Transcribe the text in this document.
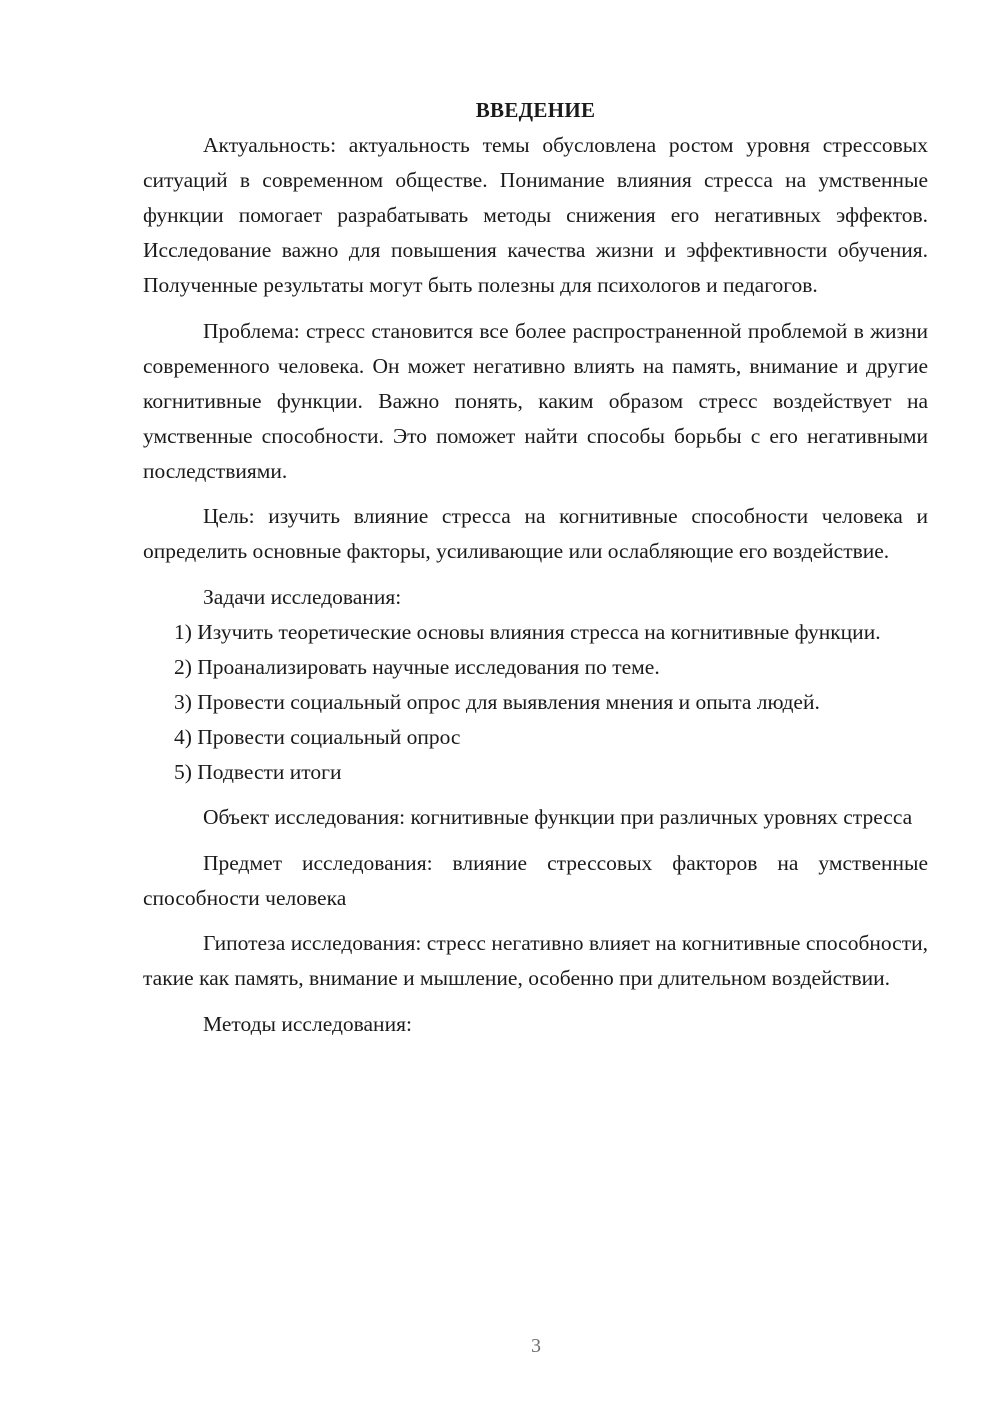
ВВЕДЕНИЕ

Актуальность: актуальность темы обусловлена ростом уровня стрессовых ситуаций в современном обществе. Понимание влияния стресса на умственные функции помогает разрабатывать методы снижения его негативных эффектов. Исследование важно для повышения качества жизни и эффективности обучения. Полученные результаты могут быть полезны для психологов и педагогов.

Проблема: стресс становится все более распространенной проблемой в жизни современного человека. Он может негативно влиять на память, внимание и другие когнитивные функции. Важно понять, каким образом стресс воздействует на умственные способности. Это поможет найти способы борьбы с его негативными последствиями.

Цель: изучить влияние стресса на когнитивные способности человека и определить основные факторы, усиливающие или ослабляющие его воздействие.

Задачи исследования:

1) Изучить теоретические основы влияния стресса на когнитивные функции.

2) Проанализировать научные исследования по теме.

3) Провести социальный опрос для выявления мнения и опыта людей.

4) Провести социальный опрос

5) Подвести итоги

Объект исследования: когнитивные функции при различных уровнях стресса

Предмет исследования: влияние стрессовых факторов на умственные способности человека

Гипотеза исследования: стресс негативно влияет на когнитивные способности, такие как память, внимание и мышление, особенно при длительном воздействии.

Методы исследования:

3
